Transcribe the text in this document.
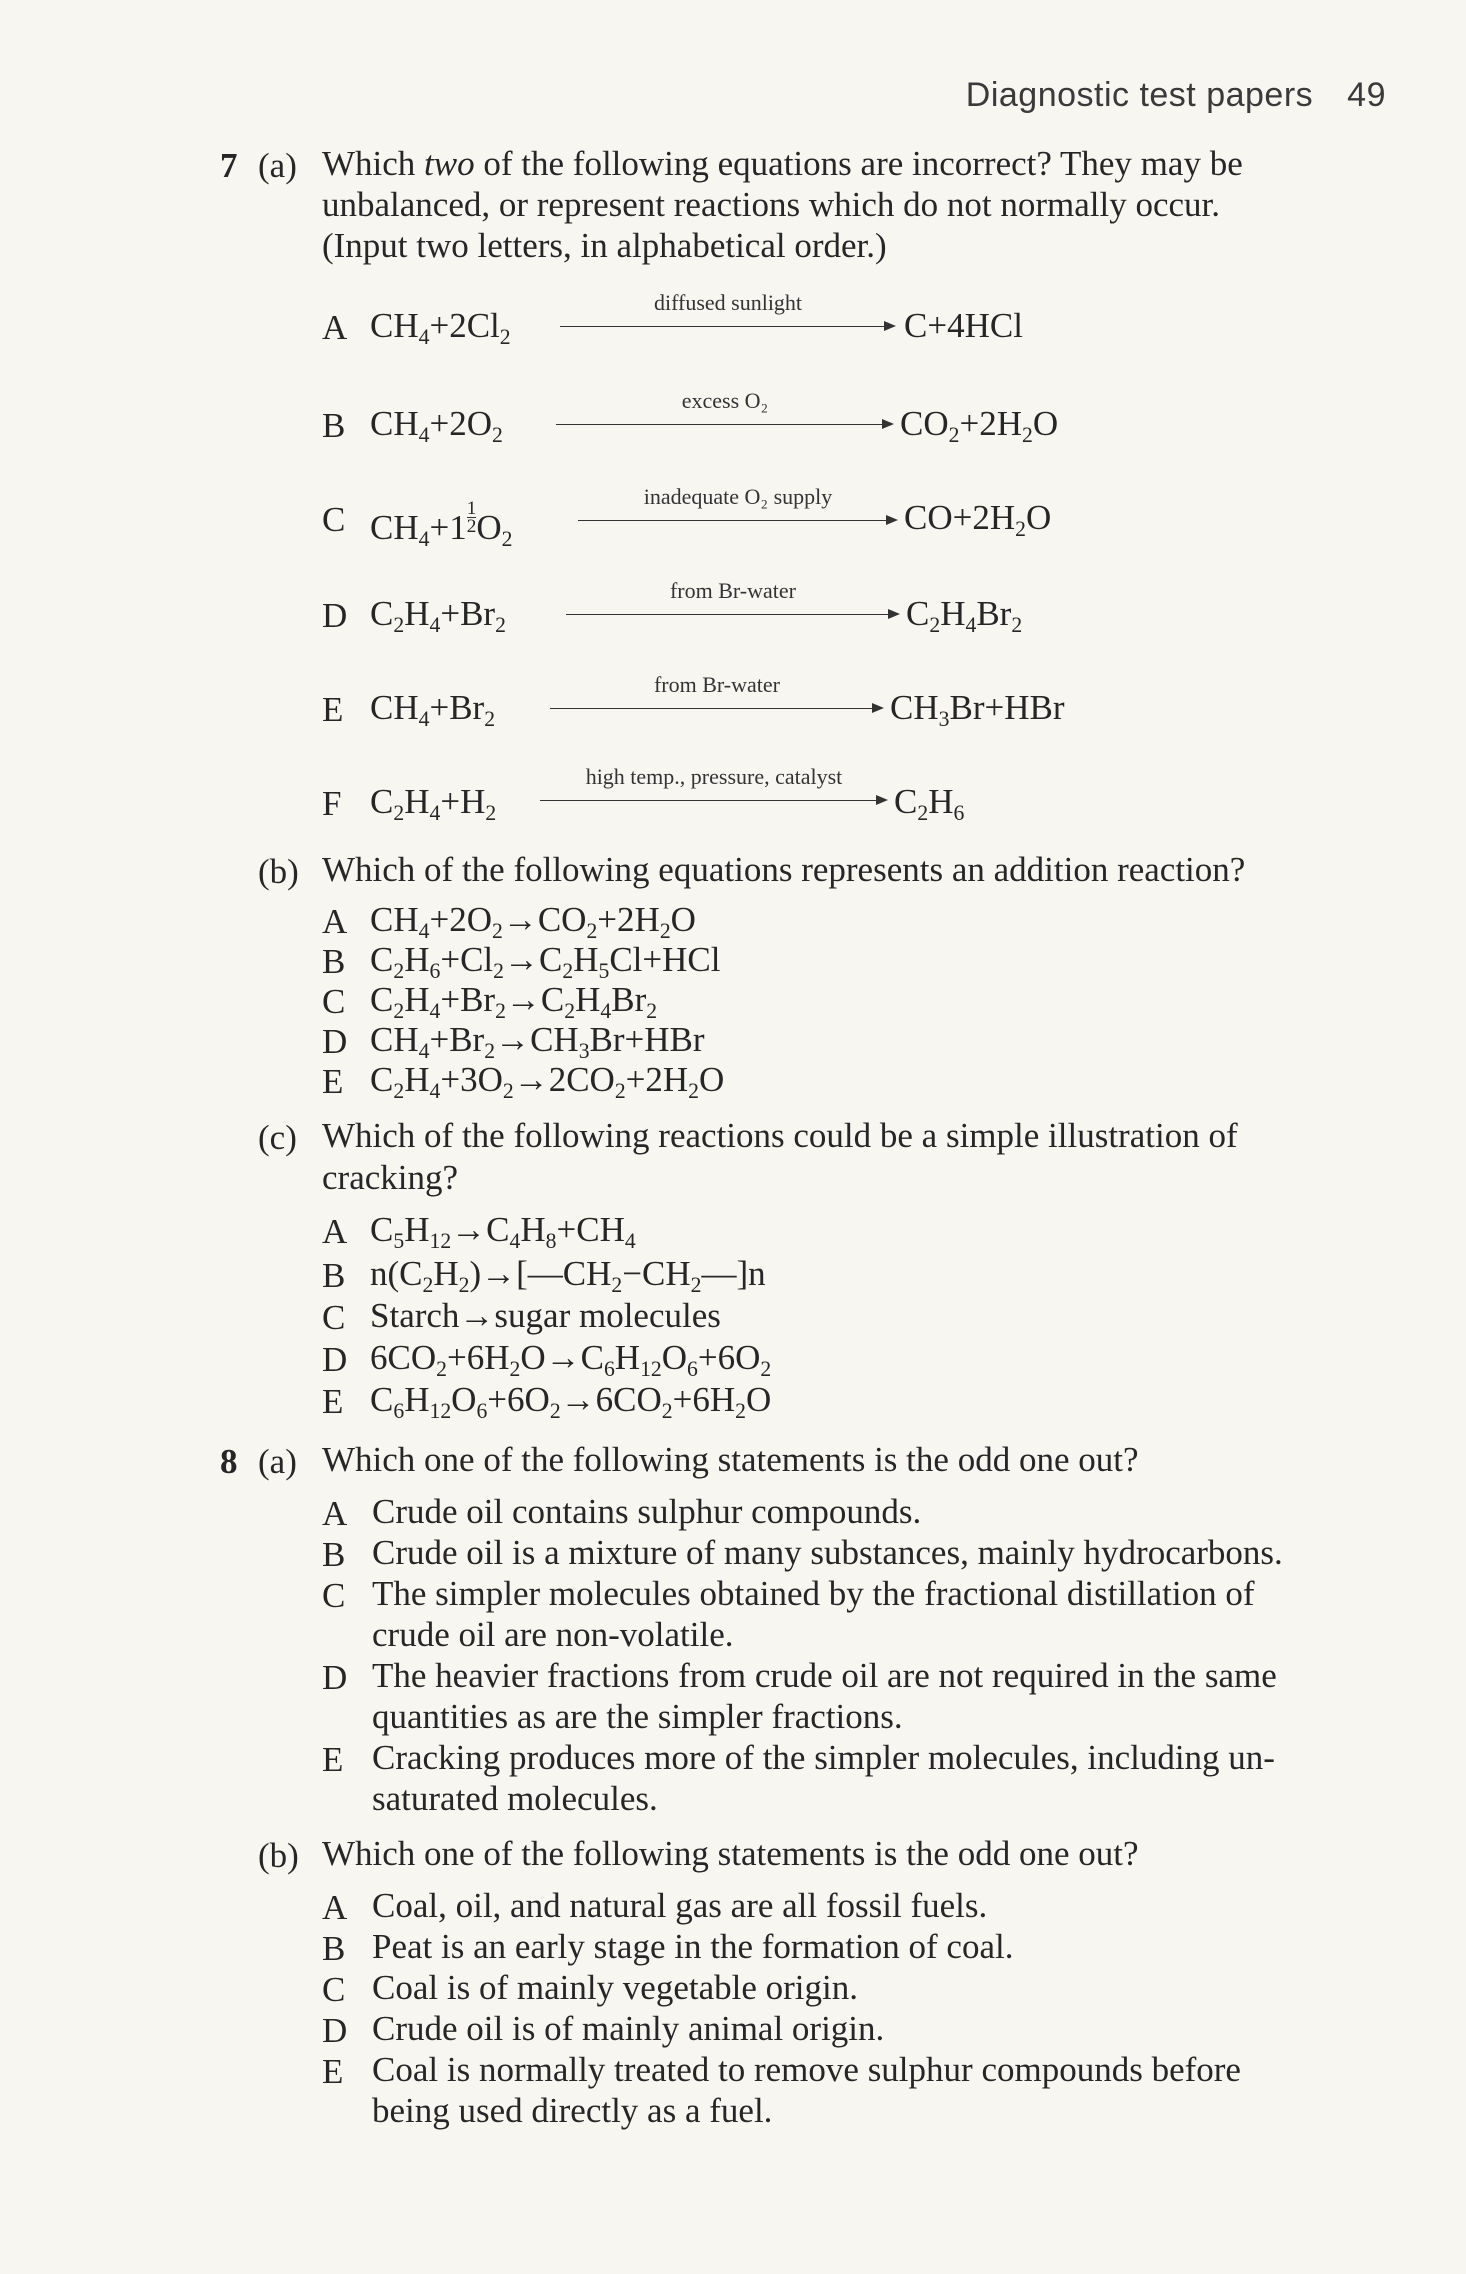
Diagnostic test papers 49
7 (a) Which two of the following equations are incorrect? They may be
unbalanced, or represent reactions which do not normally occur.
(Input two letters, in alphabetical order.)
A $CH_4+2Cl_2$
diffused sunlight
C+4HCl
B $CH_4+2O_2$
excess O₂
$CO_2+2H_2O$
C $CH_4+1 \frac{1}{2} O_2$
inadequate O₂ supply
$CO+2H_2O$
D $C_2H_4+Br_2$
from Br-water
$C_2H_4Br_2$
E $CH_4+Br_2$
from Br-water
$CH_3Br+HBr$
F $C_2H_4+H_2$
high temp., pressure, catalyst
$C_2H_6$
(b) Which of the following equations represents an addition reaction?
A $CH_4+2O_2\to CO_2+2H_2O$
B $C_2H_6+Cl_2\to C_2H_5Cl+HCl$
C $C_2H_4+Br_2\to C_2H_4Br_2$
D $CH_4+Br_2\to CH_3Br+HBr$
E $C_2H_4+3O_2\to 2CO_2+2H_2O$
(c) Which of the following reactions could be a simple illustration of
cracking?
A $C_5H_{12}\to C_4H_8+CH_4$
B $n(C_2H_2)\to[—CH_2-CH_2—]n$
C Starch→sugar molecules
D $6CO_2+6H_2O\to C_6H_{12}O_6+6O_2$
E $C_6H_{12}O_6+6O_2\to 6CO_2+6H_2O$
8 (a) Which one of the following statements is the odd one out?
A Crude oil contains sulphur compounds.
B Crude oil is a mixture of many substances, mainly hydrocarbons.
C The simpler molecules obtained by the fractional distillation of
crude oil are non-volatile.
D The heavier fractions from crude oil are not required in the same
quantities as are the simpler fractions.
E Cracking produces more of the simpler molecules, including un-
saturated molecules.
(b) Which one of the following statements is the odd one out?
A Coal, oil, and natural gas are all fossil fuels.
B Peat is an early stage in the formation of coal.
C Coal is of mainly vegetable origin.
D Crude oil is of mainly animal origin.
E Coal is normally treated to remove sulphur compounds before
being used directly as a fuel.
